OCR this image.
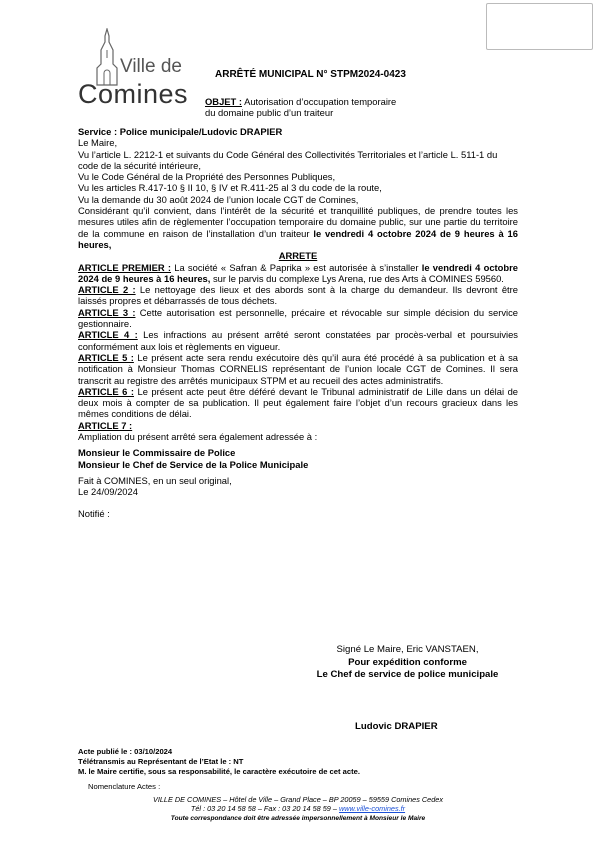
Ville de
Comines
ARRÊTÉ MUNICIPAL N° STPM2024-0423
OBJET : Autorisation d’occupation temporaire du domaine public d’un traiteur

Service : Police municipale/Ludovic DRAPIER

Le Maire,

Vu l’article L. 2212-1 et suivants du Code Général des Collectivités Territoriales et l’article L. 511-1 du code de la sécurité intérieure,

Vu le Code Général de la Propriété des Personnes Publiques,

Vu les articles R.417-10 § II 10, § IV et R.411-25 al 3 du code de la route,

Vu la demande du 30 août 2024 de l’union locale CGT de Comines,

Considérant qu’il convient, dans l’intérêt de la sécurité et tranquillité publiques, de prendre toutes les mesures utiles afin de règlementer l’occupation temporaire du domaine public, sur une partie du territoire de la commune en raison de l’installation d’un traiteur le vendredi 4 octobre 2024 de 9 heures à 16 heures,

ARRETE

ARTICLE PREMIER : La société « Safran & Paprika » est autorisée à s’installer le vendredi 4 octobre 2024 de 9 heures à 16 heures, sur le parvis du complexe Lys Arena, rue des Arts à COMINES 59560.

ARTICLE 2 : Le nettoyage des lieux et des abords sont à la charge du demandeur. Ils devront être laissés propres et débarrassés de tous déchets.

ARTICLE 3 : Cette autorisation est personnelle, précaire et révocable sur simple décision du service gestionnaire.

ARTICLE 4 : Les infractions au présent arrêté seront constatées par procès-verbal et poursuivies conformément aux lois et règlements en vigueur.

ARTICLE 5 : Le présent acte sera rendu exécutoire dès qu’il aura été procédé à sa publication et à sa notification à Monsieur Thomas CORNELIS représentant de l’union locale CGT de Comines. Il sera transcrit au registre des arrêtés municipaux STPM et au recueil des actes administratifs.

ARTICLE 6 : Le présent acte peut être déféré devant le Tribunal administratif de Lille dans un délai de deux mois à compter de sa publication. Il peut également faire l’objet d’un recours gracieux dans les mêmes conditions de délai.

ARTICLE 7 :

Ampliation du présent arrêté sera également adressée à :

Monsieur le Commissaire de Police

Monsieur le Chef de Service de la Police Municipale

Fait à COMINES, en un seul original,

Le 24/09/2024

Notifié :

Signé Le Maire, Eric VANSTAEN,
Pour expédition conforme
Le Chef de service de police municipale
Ludovic DRAPIER
Acte publié le : 03/10/2024
Télétransmis au Représentant de l’Etat le : NT
M. le Maire certifie, sous sa responsabilité, le caractère exécutoire de cet acte.
Nomenclature Actes :
VILLE DE COMINES – Hôtel de Ville – Grand Place – BP 20059 – 59559 Comines Cedex
Tél : 03 20 14 58 58 – Fax : 03 20 14 58 59 – www.ville-comines.fr
Toute correspondance doit être adressée impersonnellement à Monsieur le Maire
